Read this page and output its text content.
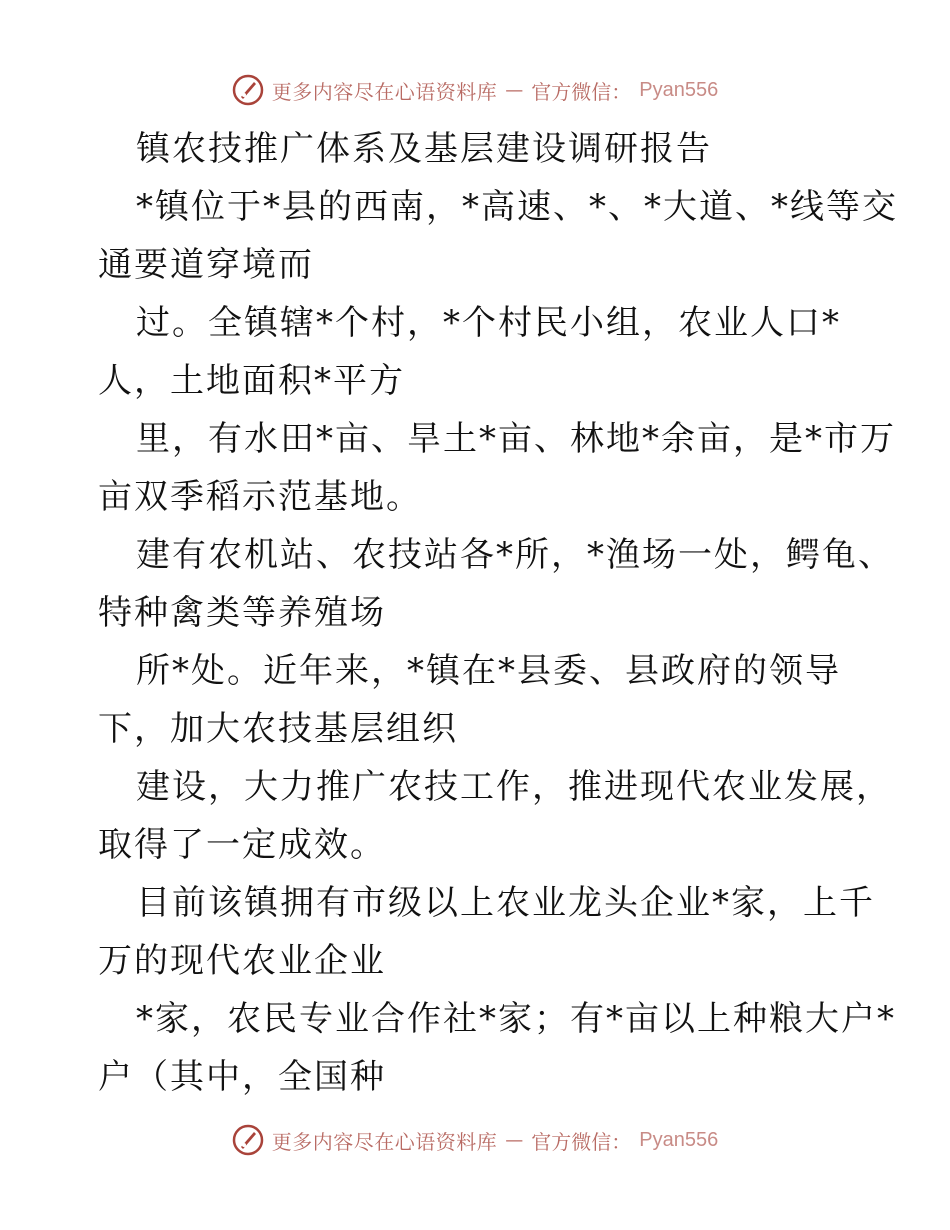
更多内容尽在心语资料库 — 官方微信： Pyan556
镇农技推广体系及基层建设调研报告
*镇位于*县的西南，*高速、*、*大道、*线等交
通要道穿境而
过。全镇辖*个村，*个村民小组，农业人口*
人，土地面积*平方
里，有水田*亩、旱土*亩、林地*余亩，是*市万
亩双季稻示范基地。
建有农机站、农技站各*所，*渔场一处，鳄龟、
特种禽类等养殖场
所*处。近年来，*镇在*县委、县政府的领导
下，加大农技基层组织
建设，大力推广农技工作，推进现代农业发展，
取得了一定成效。
目前该镇拥有市级以上农业龙头企业*家，上千
万的现代农业企业
*家，农民专业合作社*家；有*亩以上种粮大户*
户（其中，全国种
更多内容尽在心语资料库 — 官方微信： Pyan556
